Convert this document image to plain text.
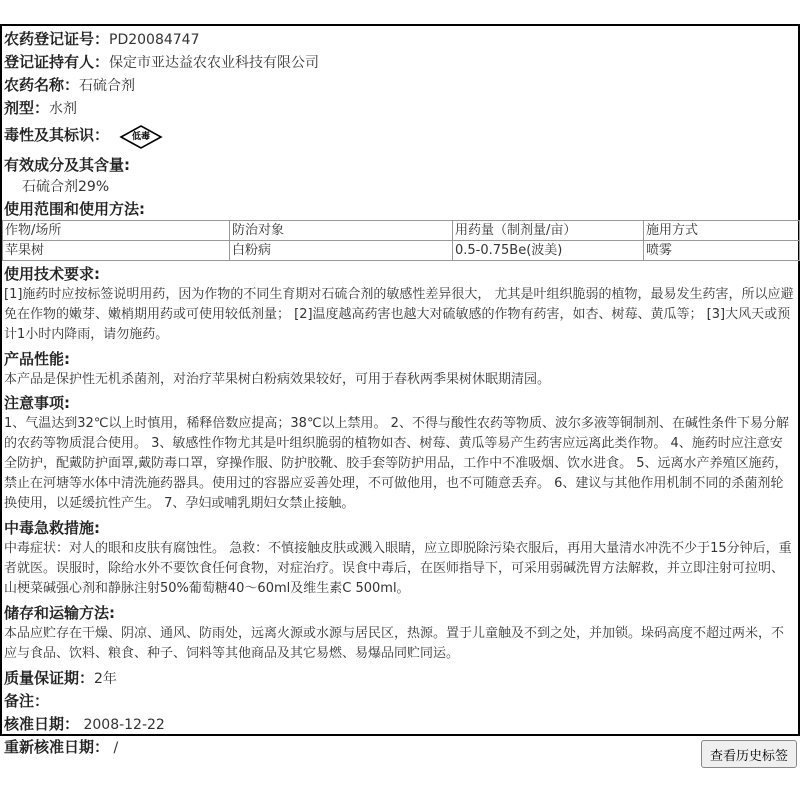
农药登记证号：PD20084747
登记证持有人：保定市亚达益农农业科技有限公司
农药名称：石硫合剂
剂型：水剂
毒性及其标识：	低毒
有效成分及其含量:
石硫合剂29%
使用范围和使用方法:
作物/场所	防治对象	用药量（制剂量/亩）	施用方式
苹果树	白粉病	0.5-0.75Be(波美)	喷雾
使用技术要求:
[1]施药时应按标签说明用药，因为作物的不同生育期对石硫合剂的敏感性差异很大， 尤其是叶组织脆弱的植物，最易发生药害，所以应避免在作物的嫩芽、嫩梢期用药或可使用较低剂量； [2]温度越高药害也越大对硫敏感的作物有药害，如杏、树莓、黄瓜等； [3]大风天或预计1小时内降雨，请勿施药。
产品性能:
本产品是保护性无机杀菌剂，对治疗苹果树白粉病效果较好，可用于春秋两季果树休眠期清园。
注意事项:
1、气温达到32℃以上时慎用，稀释倍数应提高；38℃以上禁用。 2、不得与酸性农药等物质、波尔多液等铜制剂、在碱性条件下易分解的农药等物质混合使用。 3、敏感性作物尤其是叶组织脆弱的植物如杏、树莓、黄瓜等易产生药害应远离此类作物。 4、施药时应注意安全防护，配戴防护面罩,戴防毒口罩，穿操作服、防护胶靴、胶手套等防护用品，工作中不准吸烟、饮水进食。 5、远离水产养殖区施药，禁止在河塘等水体中清洗施药器具。使用过的容器应妥善处理，不可做他用，也不可随意丢弃。 6、建议与其他作用机制不同的杀菌剂轮换使用，以延缓抗性产生。 7、孕妇或哺乳期妇女禁止接触。
中毒急救措施:
中毒症状：对人的眼和皮肤有腐蚀性。 急救：不慎接触皮肤或溅入眼睛，应立即脱除污染衣服后，再用大量清水冲洗不少于15分钟后，重者就医。误服时，除给水外不要饮食任何食物，对症治疗。误食中毒后，在医师指导下，可采用弱碱洗胃方法解救，并立即注射可拉明、山梗菜碱强心剂和静脉注射50%葡萄糖40～60ml及维生素C 500ml。
储存和运输方法:
本品应贮存在干燥、阴凉、通风、防雨处，远离火源或水源与居民区，热源。置于儿童触及不到之处，并加锁。垛码高度不超过两米，不应与食品、饮料、粮食、种子、饲料等其他商品及其它易燃、易爆品同贮同运。
质量保证期：2年
备注：
核准日期： 2008-12-22
重新核准日期： /	查看历史标签
